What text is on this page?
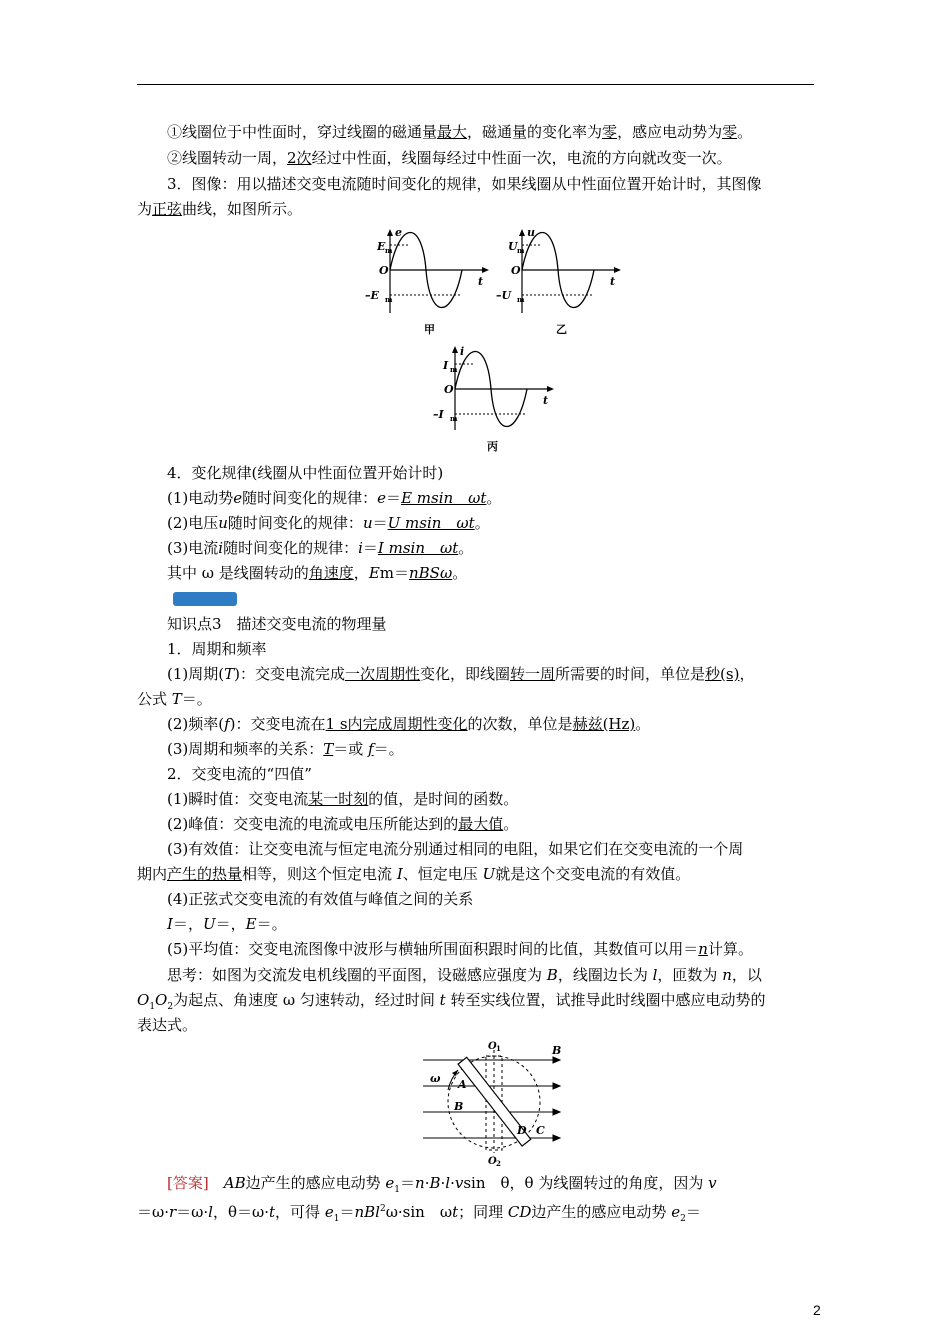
①线圈位于中性面时，穿过线圈的磁通量最大，磁通量的变化率为零，感应电动势为零。
②线圈转动一周，2次经过中性面，线圈每经过中性面一次，电流的方向就改变一次。
3．图像：用以描述交变电流随时间变化的规律，如果线圈从中性面位置开始计时，其图像
为正弦曲线，如图所示。
E m
O
–E m
e
t
甲
U m
O
–U m
u
t
乙
I m
O
–I m
i
t
丙
4．变化规律(线圈从中性面位置开始计时)
(1)电动势e随时间变化的规律：e＝E msin　ωt。
(2)电压u随时间变化的规律：u＝U msin　ωt。
(3)电流i随时间变化的规律：i＝I msin　ωt。
其中 ω 是线圈转动的角速度，Em＝nBSω。
知识点3　描述交变电流的物理量
1．周期和频率
(1)周期(T)：交变电流完成一次周期性变化，即线圈转一周所需要的时间，单位是秒(s)，
公式 T＝。
(2)频率(f)：交变电流在1 s内完成周期性变化的次数，单位是赫兹(Hz)。
(3)周期和频率的关系：T＝或 f＝。
2．交变电流的“四值”
(1)瞬时值：交变电流某一时刻的值，是时间的函数。
(2)峰值：交变电流的电流或电压所能达到的最大值。
(3)有效值：让交变电流与恒定电流分别通过相同的电阻，如果它们在交变电流的一个周
期内产生的热量相等，则这个恒定电流 I、恒定电压 U就是这个交变电流的有效值。
(4)正弦式交变电流的有效值与峰值之间的关系
I＝，U＝，E＝。
(5)平均值：交变电流图像中波形与横轴所围面积跟时间的比值，其数值可以用＝n计算。
思考：如图为交流发电机线圈的平面图，设磁感应强度为 B，线圈边长为 l，匝数为 n，以
$O_1O_2$为起点、角速度 ω 匀速转动，经过时间 t 转至实线位置，试推导此时线圈中感应电动势的
表达式。
ω
O 1
O 2
B
B
C
A
D
[答案]　 AB边产生的感应电动势 $e_1=n\cdot B\cdot l\cdot vsin$　θ，θ 为线圈转过的角度，因为 v
＝ω·r＝ω·l，θ＝ω·t，可得 $e_1=nBl^2\omega\cdot\sin$　ωt；同理 CD边产生的感应电动势 $e_2=$
2
